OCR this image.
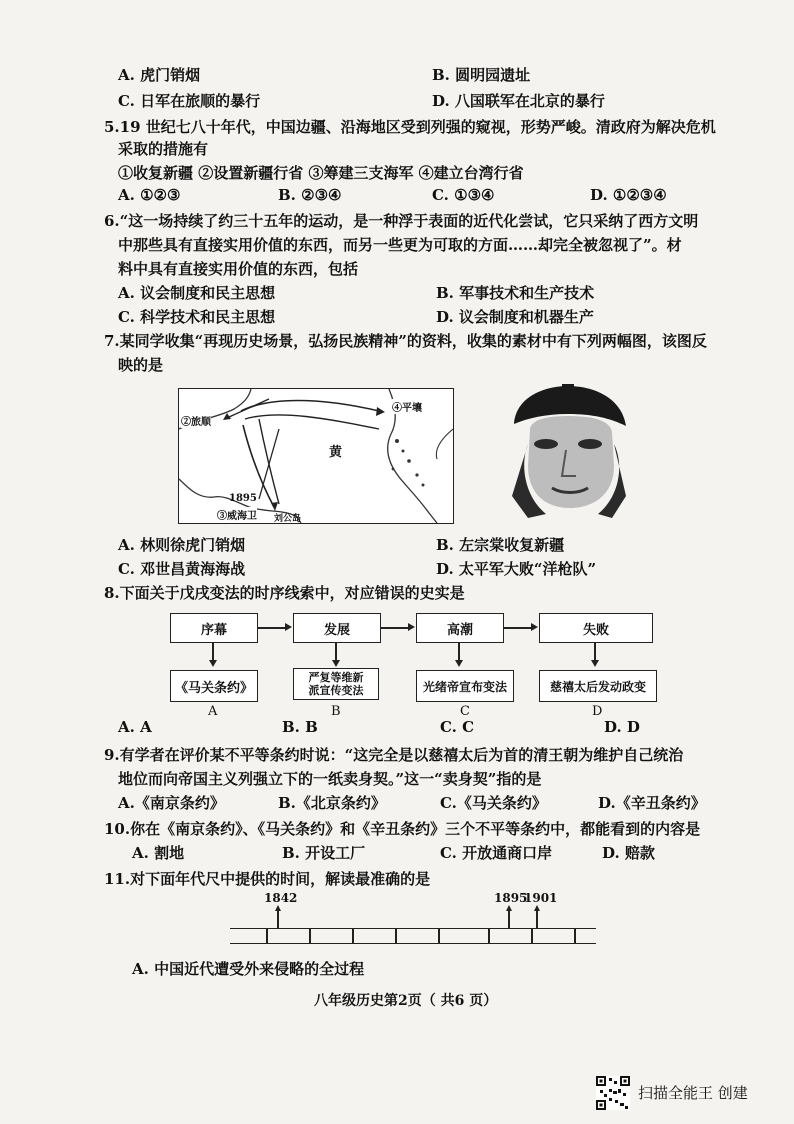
A. 虎门销烟	B. 圆明园遗址
C. 日军在旅顺的暴行	D. 八国联军在北京的暴行
5.19 世纪七八十年代，中国边疆、沿海地区受到列强的窥视，形势严峻。清政府为解决危机
采取的措施有
①收复新疆 ②设置新疆行省 ③筹建三支海军 ④建立台湾行省
A. ①②③	B. ②③④	C. ①③④	D. ①②③④
6.“这一场持续了约三十五年的运动，是一种浮于表面的近代化尝试，它只采纳了西方文明
中那些具有直接实用价值的东西，而另一些更为可取的方面……却完全被忽视了”。材
料中具有直接实用价值的东西，包括
A. 议会制度和民主思想	B. 军事技术和生产技术
C. 科学技术和民主思想	D. 议会制度和机器生产
7.某同学收集“再现历史场景，弘扬民族精神”的资料，收集的素材中有下列两幅图，该图反
映的是
②旅顺
④平壤
黄
1895
③威海卫 刘公岛
A. 林则徐虎门销烟	B. 左宗棠收复新疆
C. 邓世昌黄海海战	D. 太平军大败“洋枪队”
8.下面关于戊戌变法的时序线索中，对应错误的史实是
序幕	发展	高潮	失败
《马关条约》
严复等维新派宣传变法	光绪帝宣布变法	慈禧太后发动政变
A	B	C	D
A. A	B. B	C. C	D. D
9.有学者在评价某不平等条约时说：“这完全是以慈禧太后为首的清王朝为维护自己统治
地位而向帝国主义列强立下的一纸卖身契。”这一“卖身契”指的是
A.《南京条约》	B.《北京条约》	C.《马关条约》	D.《辛丑条约》
10.你在《南京条约》、《马关条约》和《辛丑条约》三个不平等条约中，都能看到的内容是
A. 割地	B. 开设工厂	C. 开放通商口岸	D. 赔款
11.对下面年代尺中提供的时间，解读最准确的是
1842	1895
1901
A. 中国近代遭受外来侵略的全过程
八年级历史第2页（ 共6 页）
扫描全能王 创建
